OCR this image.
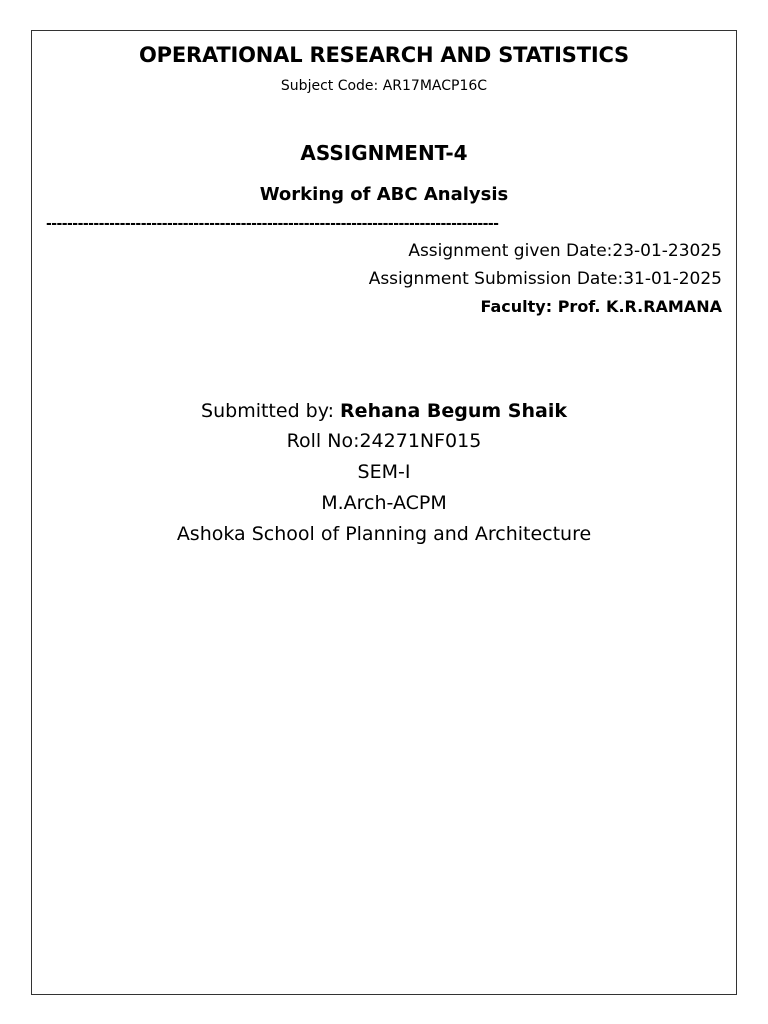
OPERATIONAL RESEARCH AND STATISTICS
Subject Code: AR17MACP16C
ASSIGNMENT-4
Working of ABC Analysis
--------------------------------------------------------------------------------------
Assignment given Date:23-01-23025
Assignment Submission Date:31-01-2025
Faculty: Prof. K.R.RAMANA
Submitted by: Rehana Begum Shaik
Roll No:24271NF015
SEM-I
M.Arch-ACPM
Ashoka School of Planning and Architecture
